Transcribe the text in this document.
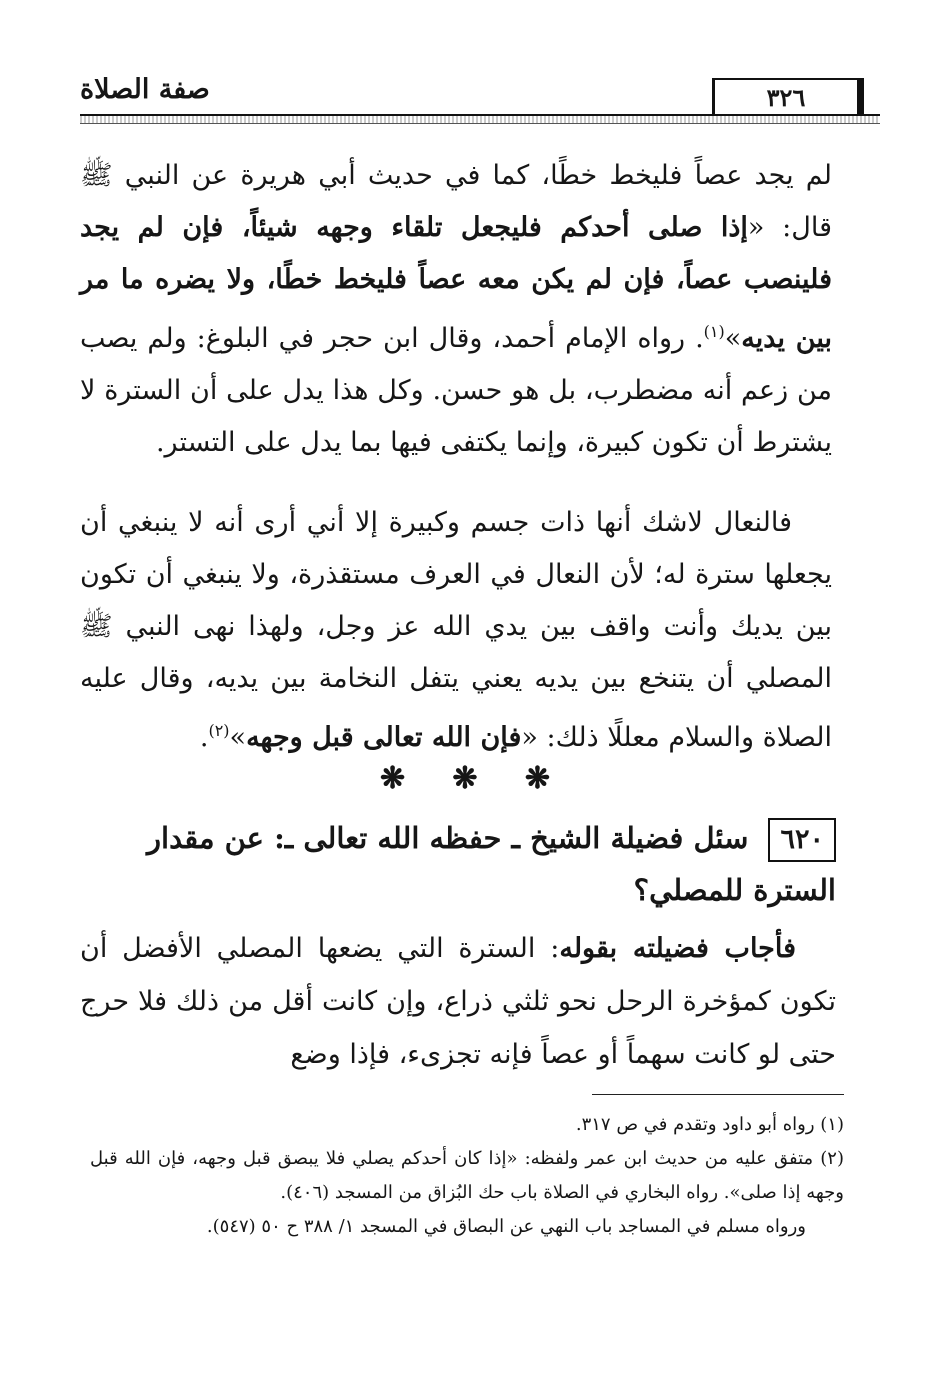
صفة الصلاة	٣٢٦

لم يجد عصاً فليخط خطًا، كما في حديث أبي هريرة عن النبي ﷺ قال: «إذا صلى أحدكم فليجعل تلقاء وجهه شيئاً، فإن لم يجد فلينصب عصاً، فإن لم يكن معه عصاً فليخط خطًا، ولا يضره ما مر بين يديه»$^{(١)}$. رواه الإمام أحمد، وقال ابن حجر في البلوغ: ولم يصب من زعم أنه مضطرب، بل هو حسن. وكل هذا يدل على أن السترة لا يشترط أن تكون كبيرة، وإنما يكتفى فيها بما يدل على التستر.

فالنعال لاشك أنها ذات جسم وكبيرة إلا أني أرى أنه لا ينبغي أن يجعلها سترة له؛ لأن النعال في العرف مستقذرة، ولا ينبغي أن تكون بين يديك وأنت واقف بين يدي الله عز وجل، ولهذا نهى النبي ﷺ المصلي أن يتنخع بين يديه يعني يتفل النخامة بين يديه، وقال عليه الصلاة والسلام معللًا ذلك: «فإن الله تعالى قبل وجهه»$^{(٢)}$.

❋ ❋ ❋
٦٢٠سئل فضيلة الشيخ ـ حفظه الله تعالى ـ: عن مقدار السترة للمصلي؟
فأجاب فضيلته بقوله: السترة التي يضعها المصلي الأفضل أن تكون كمؤخرة الرحل نحو ثلثي ذراع، وإن كانت أقل من ذلك فلا حرج حتى لو كانت سهماً أو عصاً فإنه تجزىء، فإذا وضع

(١) رواه أبو داود وتقدم في ص ٣١٧.

(٢) متفق عليه من حديث ابن عمر ولفظه: «إذا كان أحدكم يصلي فلا يبصق قبل وجهه، فإن الله قبل وجهه إذا صلى». رواه البخاري في الصلاة باب حك البُزاق من المسجد (٤٠٦).

ورواه مسلم في المساجد باب النهي عن البصاق في المسجد ١/ ٣٨٨ ح ٥٠ (٥٤٧).
